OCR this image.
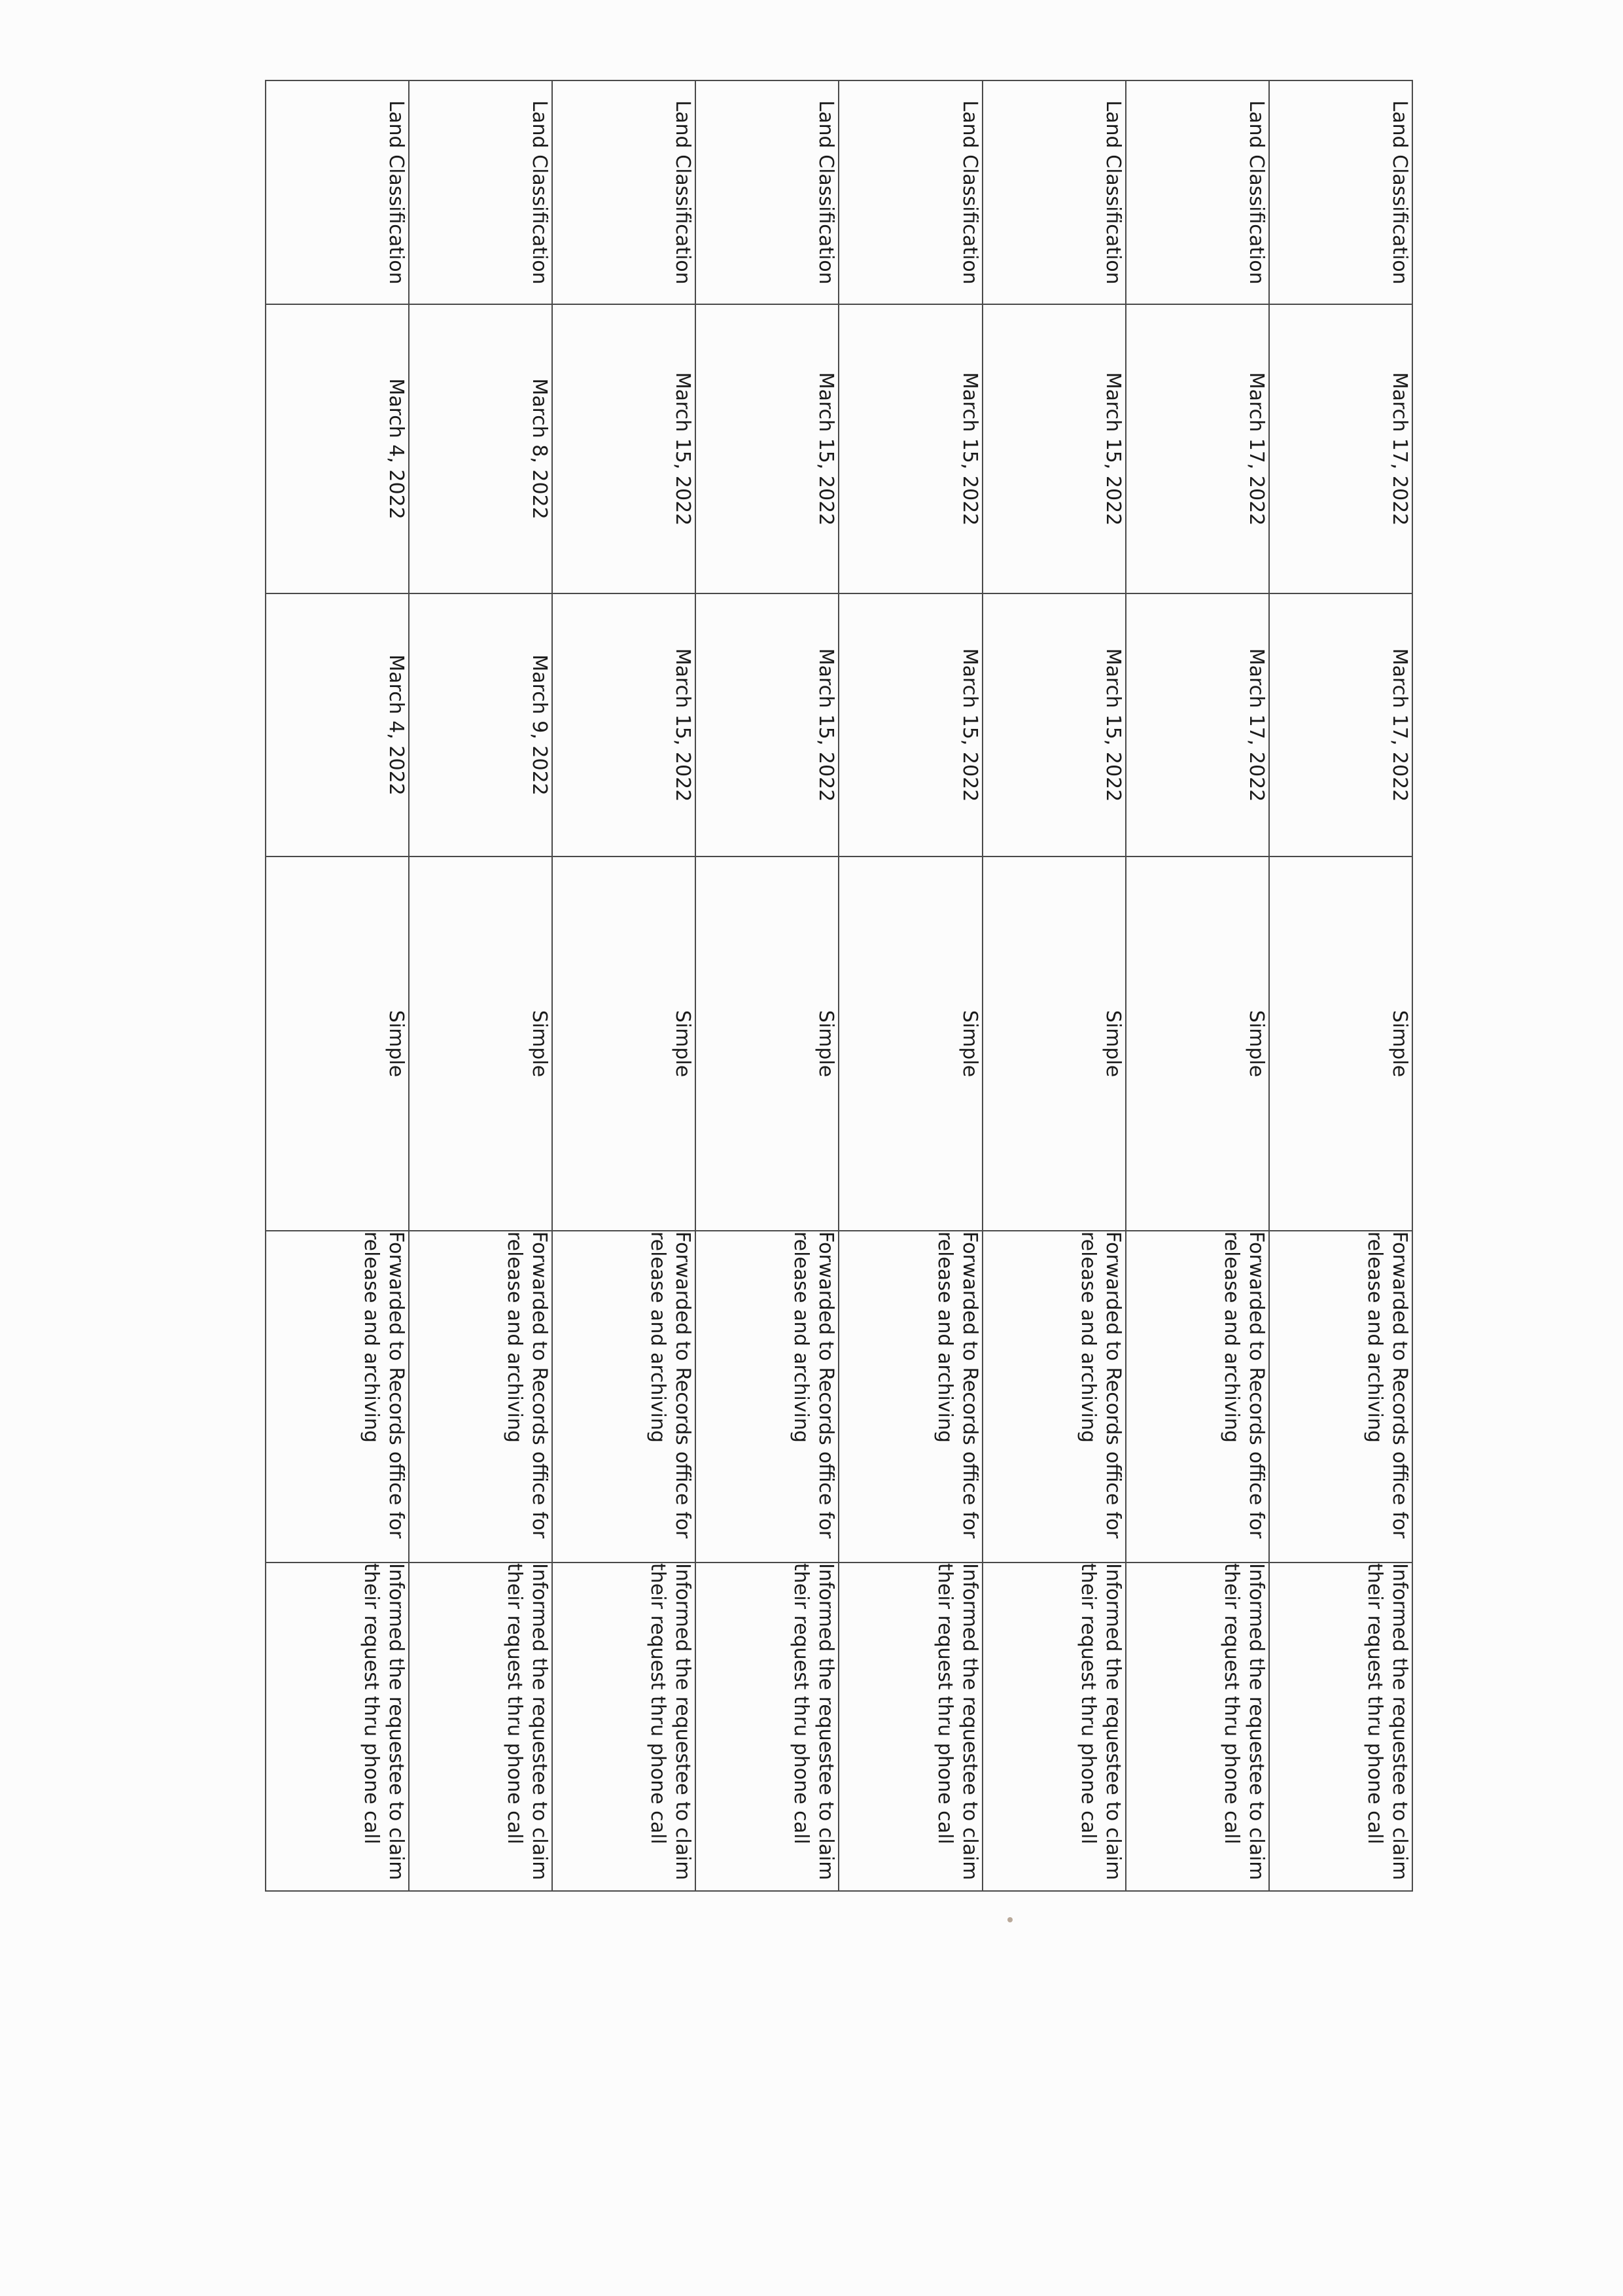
Land Classification	March 17, 2022	March 17, 2022	Simple	Forwarded to Records office for release and archiving	Informed the requestee to claim their request thru phone call
Land Classification	March 17, 2022	March 17, 2022	Simple	Forwarded to Records office for release and archiving	Informed the requestee to claim their request thru phone call
Land Classification	March 15, 2022	March 15, 2022	Simple	Forwarded to Records office for release and archiving	Informed the requestee to claim their request thru phone call
Land Classification	March 15, 2022	March 15, 2022	Simple	Forwarded to Records office for release and archiving	Informed the requestee to claim their request thru phone call
Land Classification	March 15, 2022	March 15, 2022	Simple	Forwarded to Records office for release and archiving	Informed the requestee to claim their request thru phone call
Land Classification	March 15, 2022	March 15, 2022	Simple	Forwarded to Records office for release and archiving	Informed the requestee to claim their request thru phone call
Land Classification	March 8, 2022	March 9, 2022	Simple	Forwarded to Records office for release and archiving	Informed the requestee to claim their request thru phone call
Land Classification	March 4, 2022	March 4, 2022	Simple	Forwarded to Records office for release and archiving	Informed the requestee to claim their request thru phone call
